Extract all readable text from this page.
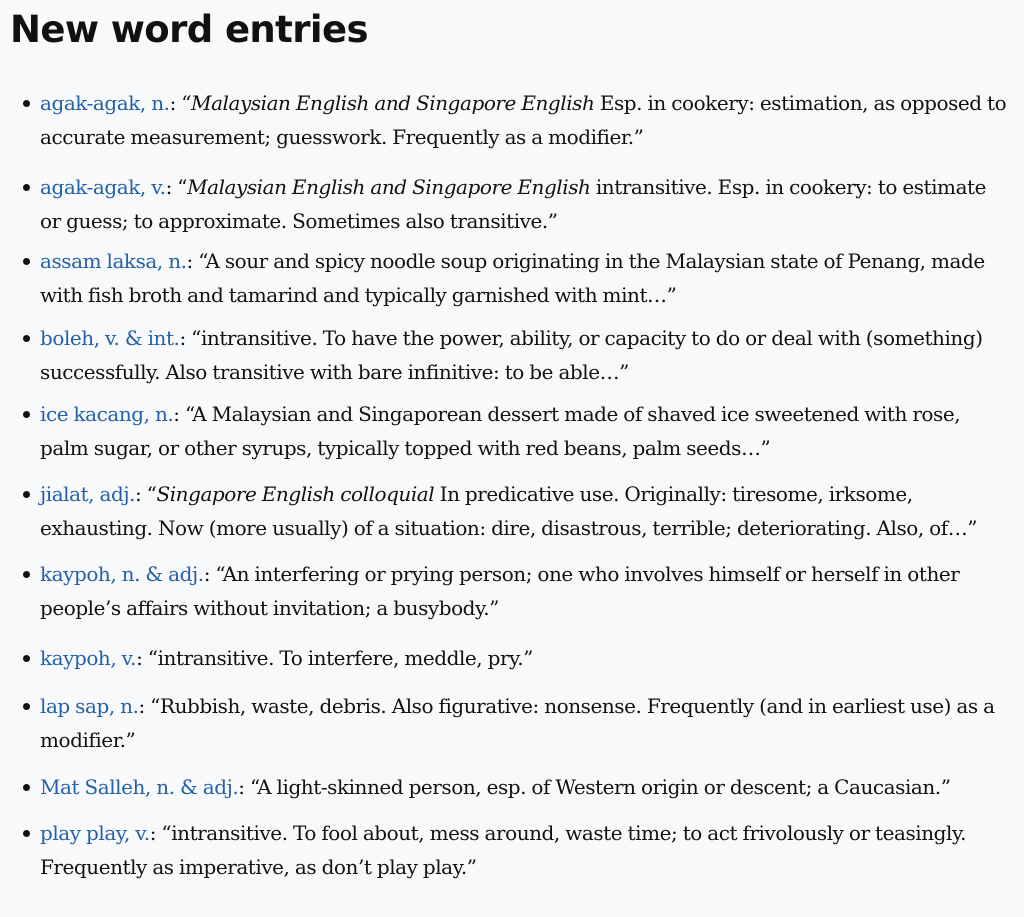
New word entries
agak-agak, n.: “Malaysian English and Singapore English Esp. in cookery: estimation, as opposed to accurate measurement; guesswork. Frequently as a modifier.”
agak-agak, v.: “Malaysian English and Singapore English intransitive. Esp. in cookery: to estimate or guess; to approximate. Sometimes also transitive.”
assam laksa, n.: “A sour and spicy noodle soup originating in the Malaysian state of Penang, made with fish broth and tamarind and typically garnished with mint…”
boleh, v. & int.: “intransitive. To have the power, ability, or capacity to do or deal with (something) successfully. Also transitive with bare infinitive: to be able…”
ice kacang, n.: “A Malaysian and Singaporean dessert made of shaved ice sweetened with rose, palm sugar, or other syrups, typically topped with red beans, palm seeds…”
jialat, adj.: “Singapore English colloquial In predicative use. Originally: tiresome, irksome, exhausting. Now (more usually) of a situation: dire, disastrous, terrible; deteriorating. Also, of…”
kaypoh, n. & adj.: “An interfering or prying person; one who involves himself or herself in other people’s affairs without invitation; a busybody.”
kaypoh, v.: “intransitive. To interfere, meddle, pry.”
lap sap, n.: “Rubbish, waste, debris. Also figurative: nonsense. Frequently (and in earliest use) as a modifier.”
Mat Salleh, n. & adj.: “A light-skinned person, esp. of Western origin or descent; a Caucasian.”
play play, v.: “intransitive. To fool about, mess around, waste time; to act frivolously or teasingly. Frequently as imperative, as don’t play play.”
